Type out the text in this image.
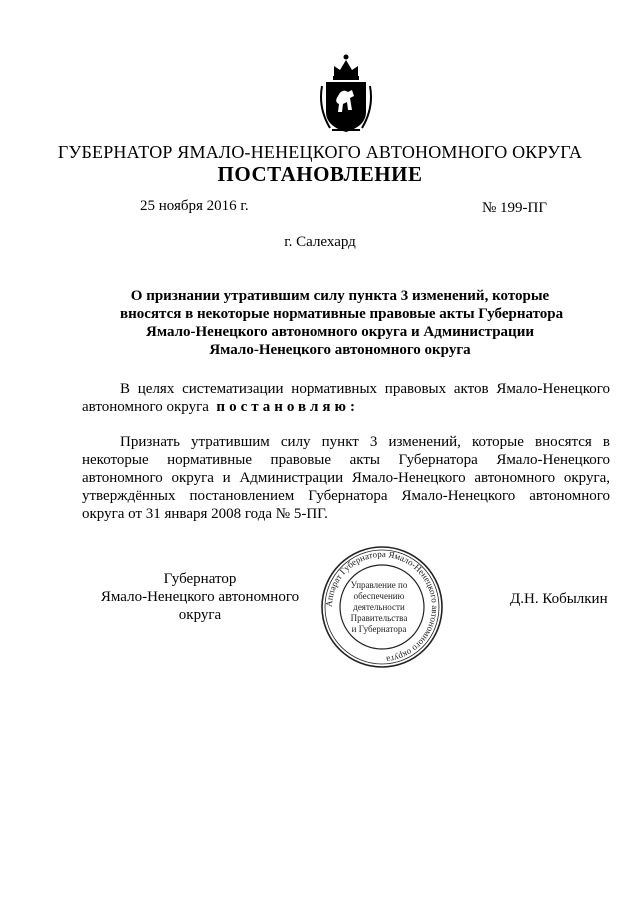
ГУБЕРНАТОР ЯМАЛО-НЕНЕЦКОГО АВТОНОМНОГО ОКРУГА
ПОСТАНОВЛЕНИЕ
25 ноября 2016 г.	№ 199-ПГ
г. Салехард
О признании утратившим силу пункта 3 изменений, которые
вносятся в некоторые нормативные правовые акты Губернатора
Ямало-Ненецкого автономного округа и Администрации
Ямало-Ненецкого автономного округа
В целях систематизации нормативных правовых актов Ямало-Ненецкого
автономного округа постановляю:
Признать утратившим силу пункт 3 изменений, которые вносятся в
некоторые нормативные правовые акты Губернатора Ямало-Ненецкого
автономного округа и Администрации Ямало-Ненецкого автономного округа,
утверждённых постановлением Губернатора Ямало-Ненецкого автономного
округа от 31 января 2008 года № 5-ПГ.
Губернатор
Ямало-Ненецкого автономного округа
Д.Н. Кобылкин
Аппарат Губернатора Ямало-Ненецкого автономного округа
Управление по
обеспечению
деятельности
Правительства
и Губернатора
